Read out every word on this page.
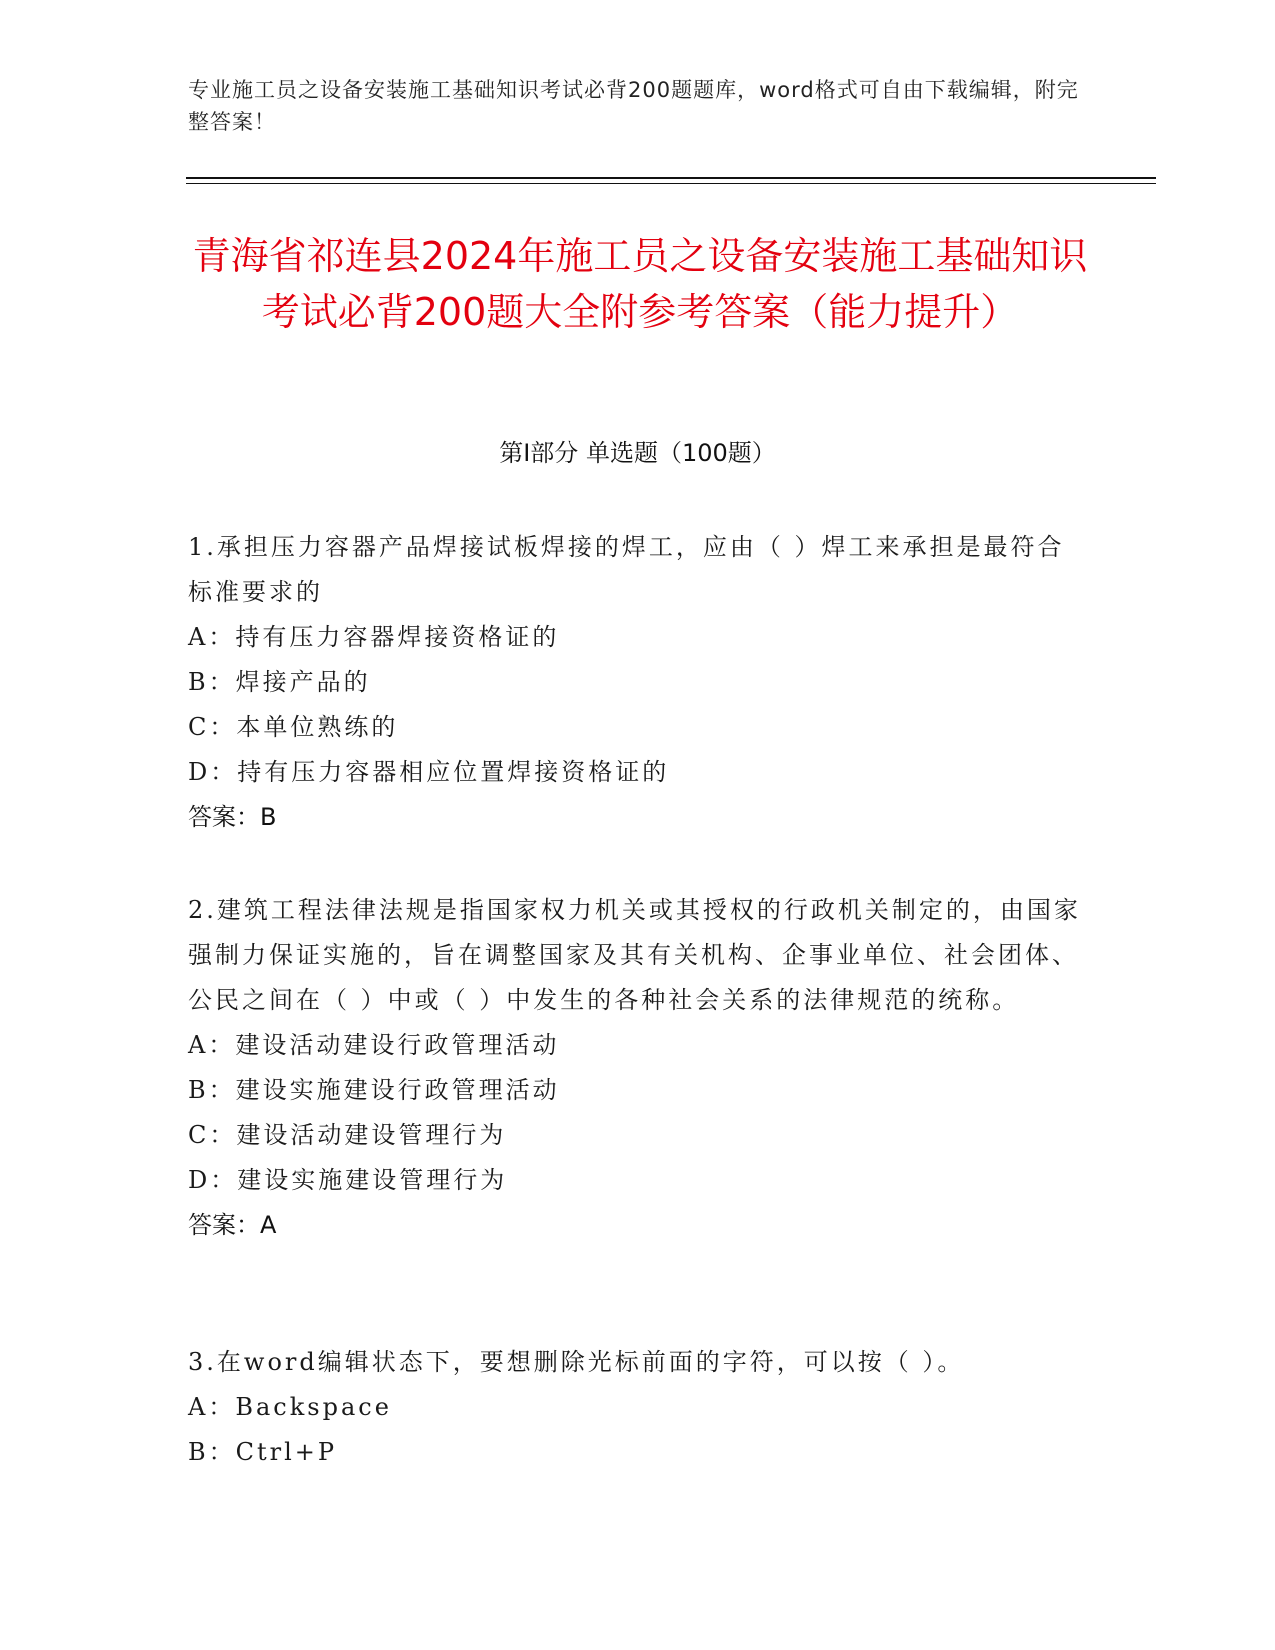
专业施工员之设备安装施工基础知识考试必背200题题库，word格式可自由下载编辑，附完整答案！
青海省祁连县2024年施工员之设备安装施工基础知识考试必背200题大全附参考答案（能力提升）
第I部分 单选题（100题）
1.承担压力容器产品焊接试板焊接的焊工，应由（ ）焊工来承担是最符合标准要求的
A：持有压力容器焊接资格证的
B：焊接产品的
C：本单位熟练的
D：持有压力容器相应位置焊接资格证的
答案：B
2.建筑工程法律法规是指国家权力机关或其授权的行政机关制定的，由国家强制力保证实施的，旨在调整国家及其有关机构、企事业单位、社会团体、公民之间在（ ）中或（ ）中发生的各种社会关系的法律规范的统称。
A：建设活动建设行政管理活动
B：建设实施建设行政管理活动
C：建设活动建设管理行为
D：建设实施建设管理行为
答案：A
3.在word编辑状态下，要想删除光标前面的字符，可以按（ ）。
A：Backspace
B：Ctrl+P
